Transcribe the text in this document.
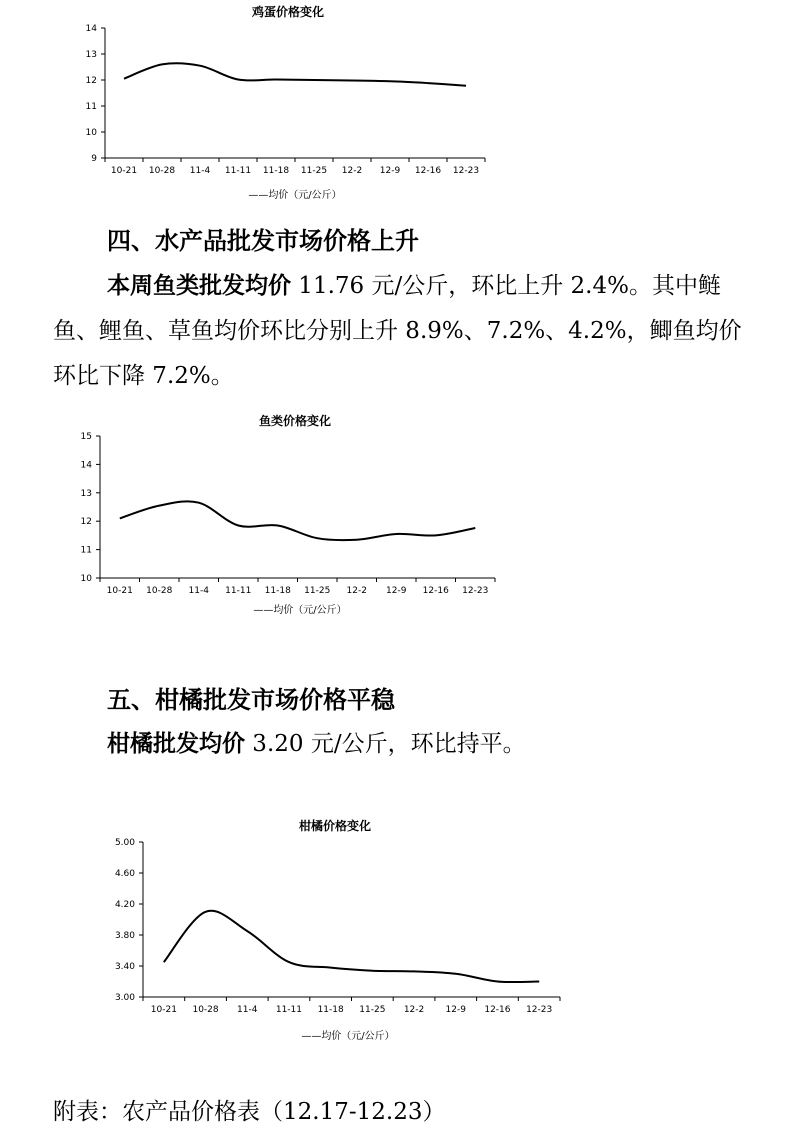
鸡蛋价格变化
9
10
11
12
13
14
10-21 10-28 11-4 11-11 11-18 11-25 12-2 12-9 12-16 12-23
——均价（元/公斤）
四、水产品批发市场价格上升

本周鱼类批发均价 11.76 元/公斤，环比上升 2.4%。其中鲢鱼、鲤鱼、草鱼均价环比分别上升 8.9%、7.2%、4.2%，鲫鱼均价环比下降 7.2%。

鱼类价格变化
10
11
12
13
14
15
10-21 10-28 11-4 11-11 11-18 11-25 12-2 12-9 12-16 12-23
——均价（元/公斤）
五、柑橘批发市场价格平稳

柑橘批发均价 3.20 元/公斤，环比持平。

柑橘价格变化
3.00
3.40
3.80
4.20
4.60
5.00
10-21 10-28 11-4 11-11 11-18 11-25 12-2 12-9 12-16 12-23
——均价（元/公斤）

附表：农产品价格表（12.17-12.23）
